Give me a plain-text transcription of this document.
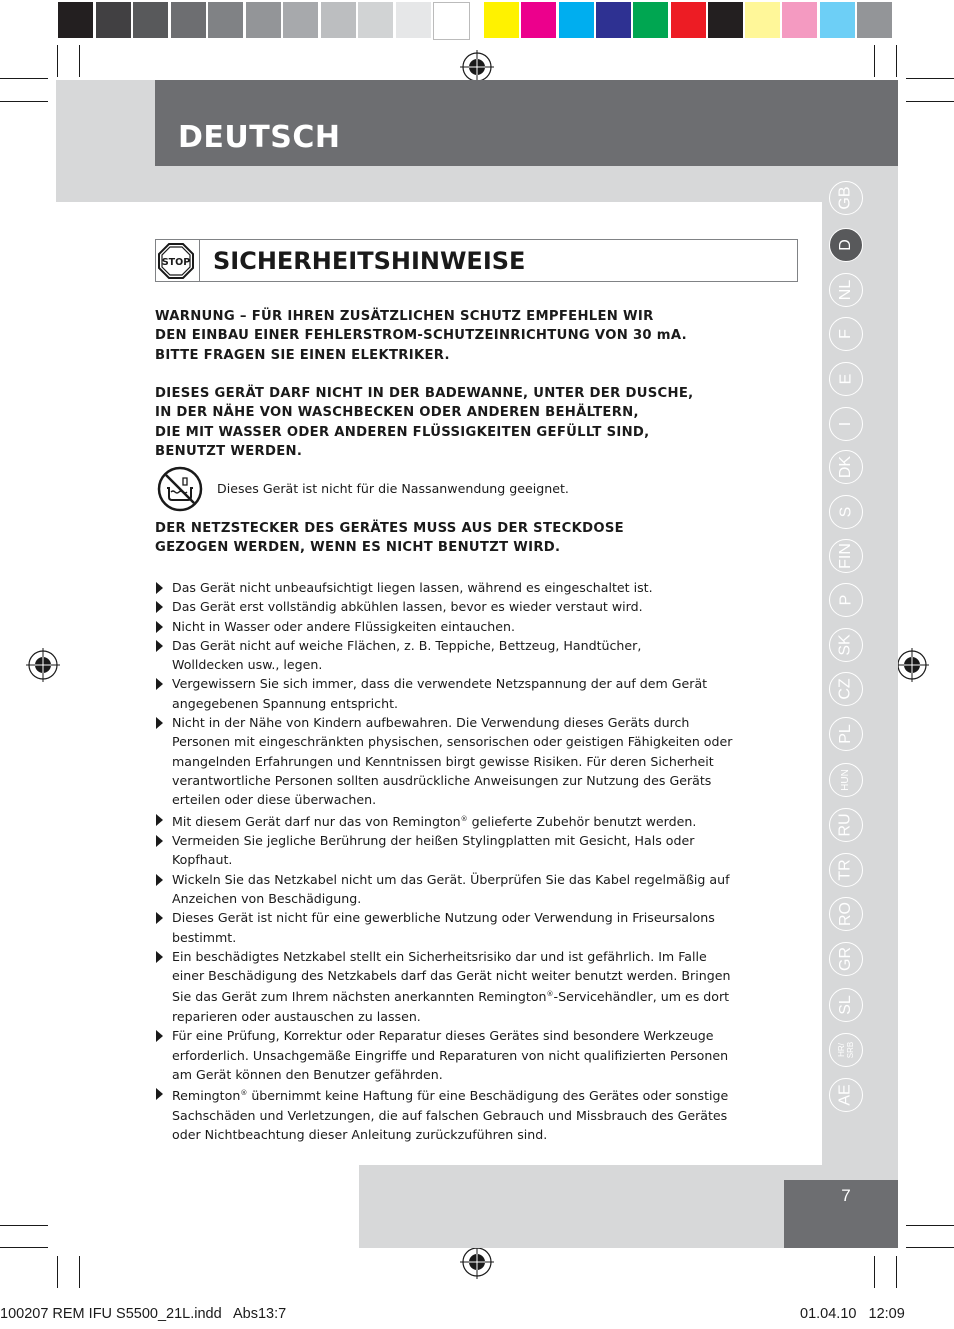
DEUTSCH
GB
D
NL
F
E
I
DK
S
FIN
P
SK
CZ
PL
HUN
RU
TR
RO
GR
SL
HR/ SRB
AE
7
STOP SICHERHEITSHINWEISE
WARNUNG – FÜR IHREN ZUSÄTZLICHEN SCHUTZ EMPFEHLEN WIR
DEN EINBAU EINER FEHLERSTROM-SCHUTZEINRICHTUNG VON 30 mA.
BITTE FRAGEN SIE EINEN ELEKTRIKER.
DIESES GERÄT DARF NICHT IN DER BADEWANNE, UNTER DER DUSCHE,
IN DER NÄHE VON WASCHBECKEN ODER ANDEREN BEHÄLTERN,
DIE MIT WASSER ODER ANDEREN FLÜSSIGKEITEN GEFÜLLT SIND,
BENUTZT WERDEN.
Dieses Gerät ist nicht für die Nassanwendung geeignet.
DER NETZSTECKER DES GERÄTES MUSS AUS DER STECKDOSE
GEZOGEN WERDEN, WENN ES NICHT BENUTZT WIRD.
Das Gerät nicht unbeaufsichtigt liegen lassen, während es eingeschaltet ist.
Das Gerät erst vollständig abkühlen lassen, bevor es wieder verstaut wird.
Nicht in Wasser oder andere Flüssigkeiten eintauchen.
Das Gerät nicht auf weiche Flächen, z. B. Teppiche, Bettzeug, Handtücher,
Wolldecken usw., legen.
Vergewissern Sie sich immer, dass die verwendete Netzspannung der auf dem Gerät
angegebenen Spannung entspricht.
Nicht in der Nähe von Kindern aufbewahren. Die Verwendung dieses Geräts durch
Personen mit eingeschränkten physischen, sensorischen oder geistigen Fähigkeiten oder
mangelnden Erfahrungen und Kenntnissen birgt gewisse Risiken. Für deren Sicherheit
verantwortliche Personen sollten ausdrückliche Anweisungen zur Nutzung des Geräts
erteilen oder diese überwachen.
Mit diesem Gerät darf nur das von Remington® gelieferte Zubehör benutzt werden.
Vermeiden Sie jegliche Berührung der heißen Stylingplatten mit Gesicht, Hals oder
Kopfhaut.
Wickeln Sie das Netzkabel nicht um das Gerät. Überprüfen Sie das Kabel regelmäßig auf
Anzeichen von Beschädigung.
Dieses Gerät ist nicht für eine gewerbliche Nutzung oder Verwendung in Friseursalons
bestimmt.
Ein beschädigtes Netzkabel stellt ein Sicherheitsrisiko dar und ist gefährlich. Im Falle
einer Beschädigung des Netzkabels darf das Gerät nicht weiter benutzt werden. Bringen
Sie das Gerät zum Ihrem nächsten anerkannten Remington®-Servicehändler, um es dort
reparieren oder austauschen zu lassen.
Für eine Prüfung, Korrektur oder Reparatur dieses Gerätes sind besondere Werkzeuge
erforderlich. Unsachgemäße Eingriffe und Reparaturen von nicht qualifizierten Personen
am Gerät können den Benutzer gefährden.
Remington® übernimmt keine Haftung für eine Beschädigung des Gerätes oder sonstige
Sachschäden und Verletzungen, die auf falschen Gebrauch und Missbrauch des Gerätes
oder Nichtbeachtung dieser Anleitung zurückzuführen sind.
100207 REM IFU S5500_21L.indd   Abs13:7	01.04.10   12:09
